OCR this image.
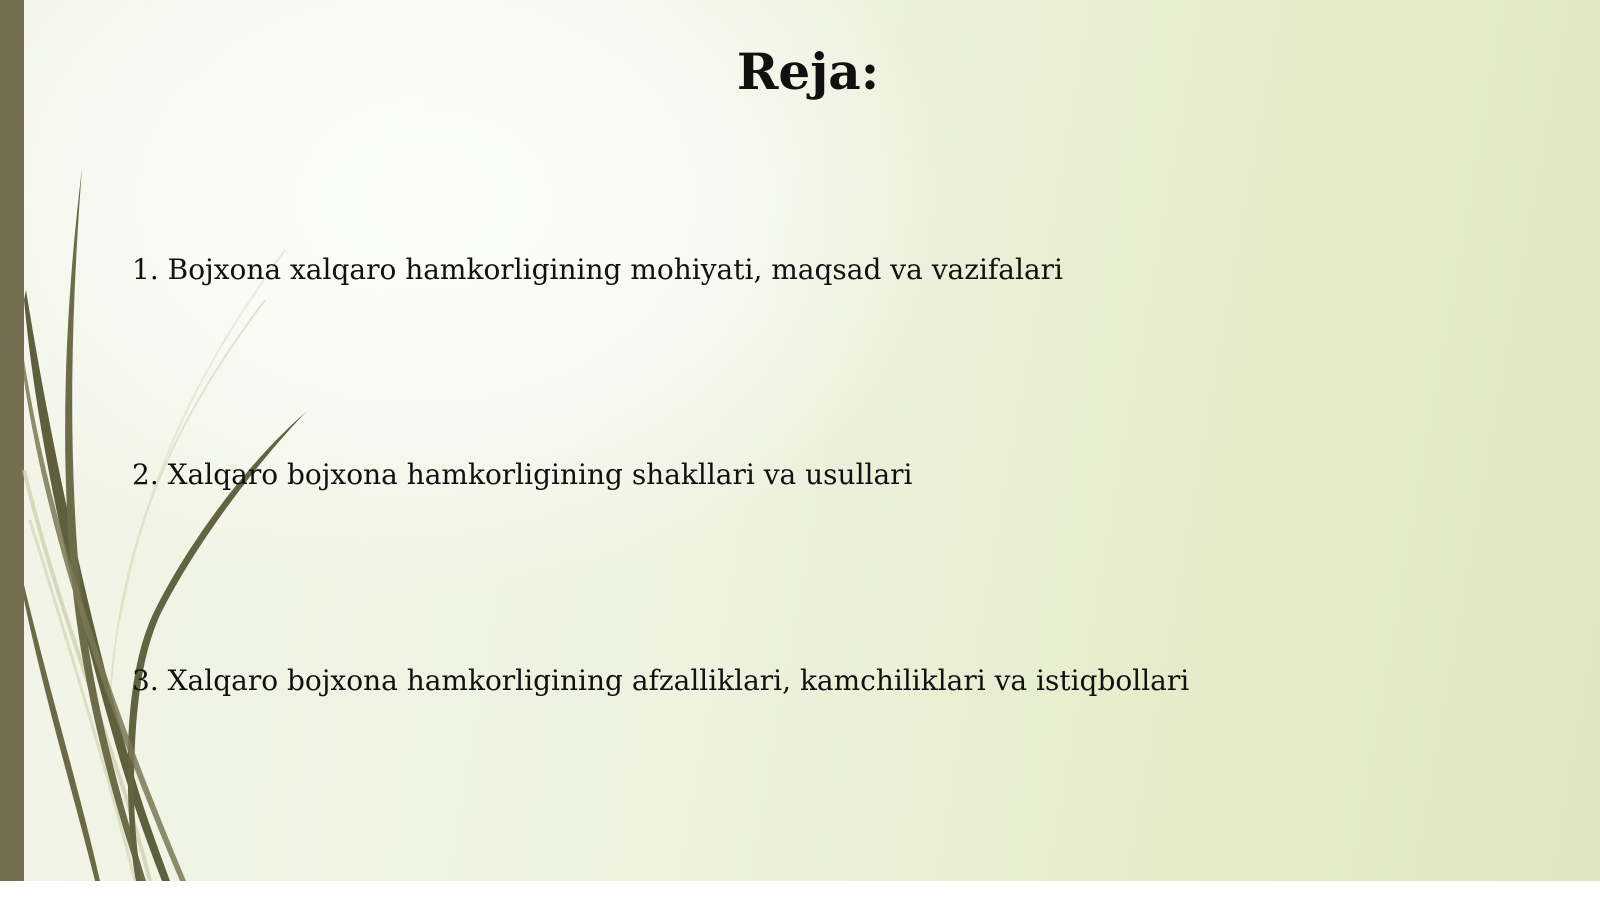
Reja:

1. Bojxona xalqaro hamkorligining mohiyati, maqsad va vazifalari

2. Xalqaro bojxona hamkorligining shakllari va usullari

3. Xalqaro bojxona hamkorligining afzalliklari, kamchiliklari va istiqbollari
